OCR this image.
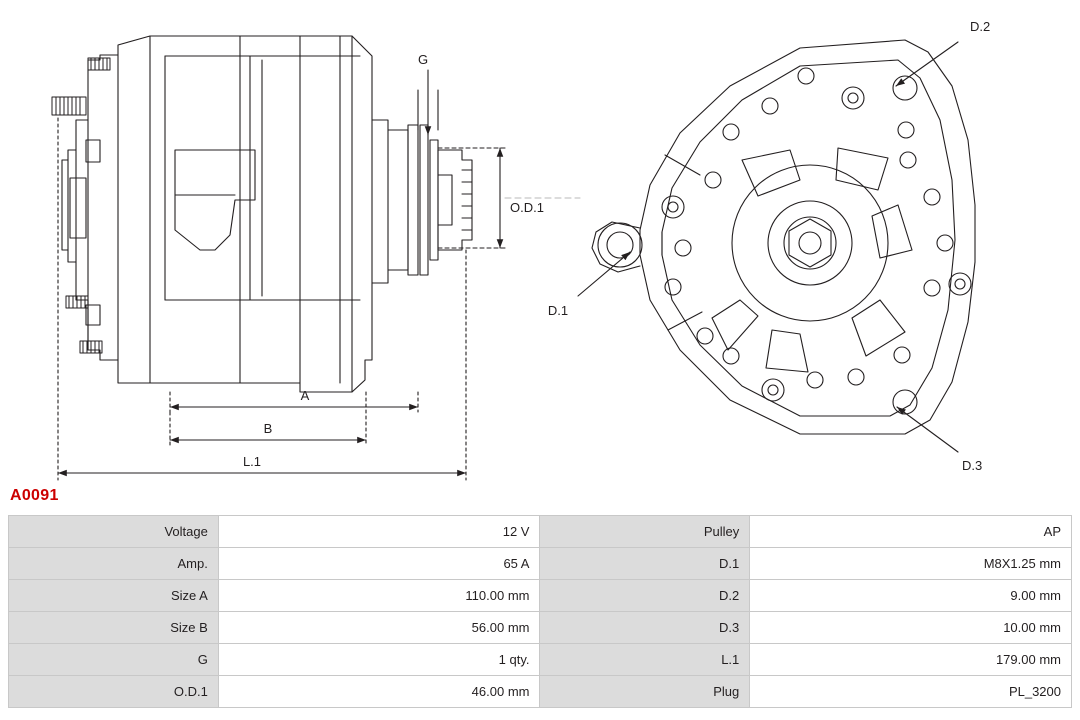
G
O.D.1
A
B
L.1
D.1
D.2
D.3
A0091
Voltage	12 V	Pulley	AP
Amp.	65 A	D.1	M8X1.25 mm
Size A	110.00 mm	D.2	9.00 mm
Size B	56.00 mm	D.3	10.00 mm
G	1 qty.	L.1	179.00 mm
O.D.1	46.00 mm	Plug	PL_3200
